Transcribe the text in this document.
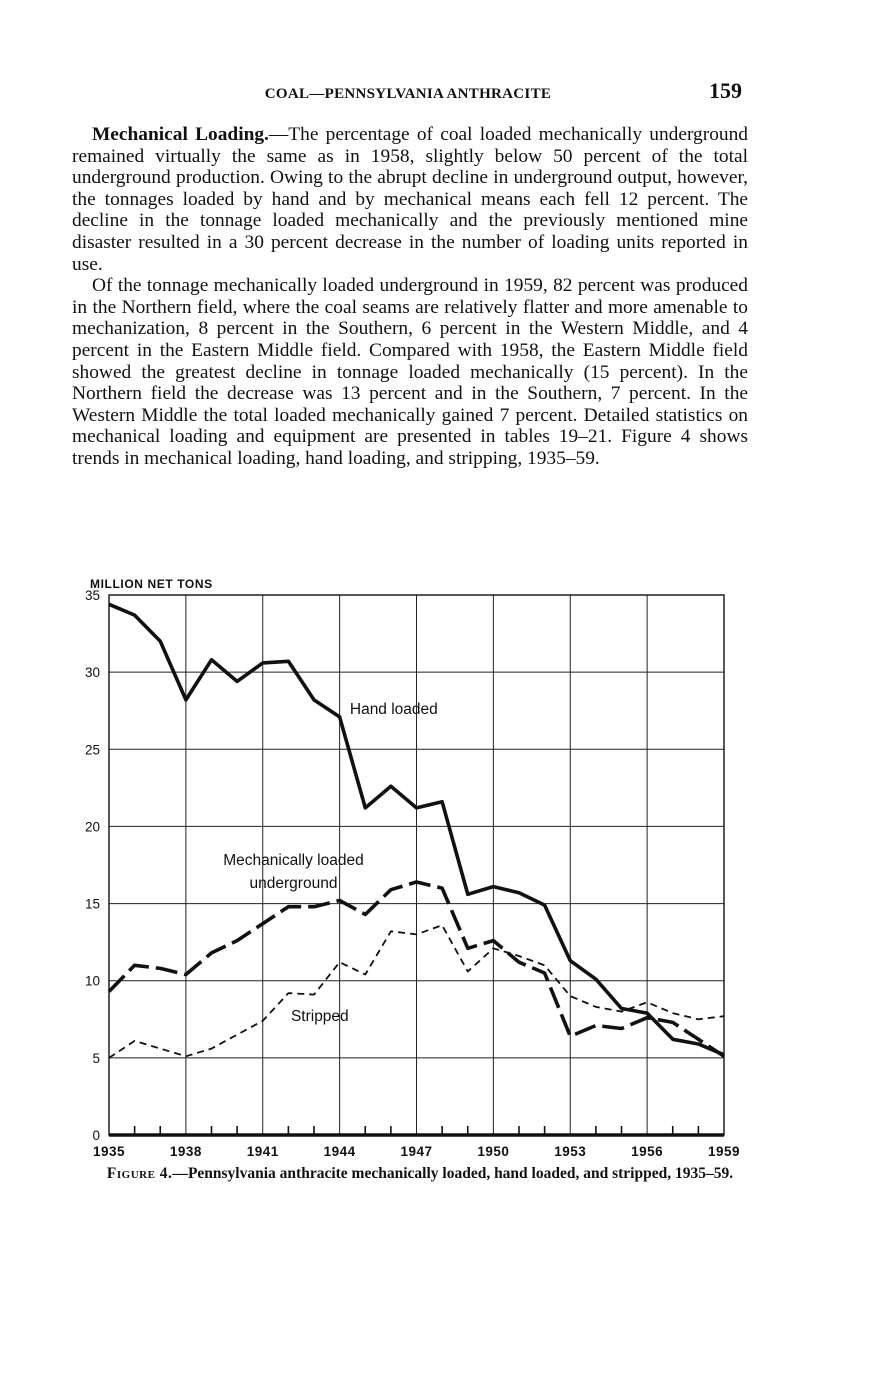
COAL—PENNSYLVANIA ANTHRACITE	159

Mechanical Loading.—The percentage of coal loaded mechanically underground remained virtually the same as in 1958, slightly below 50 percent of the total underground production. Owing to the abrupt decline in underground output, however, the tonnages loaded by hand and by mechanical means each fell 12 percent. The decline in the tonnage loaded mechanically and the previously mentioned mine disaster resulted in a 30 percent decrease in the number of loading units reported in use.

Of the tonnage mechanically loaded underground in 1959, 82 percent was produced in the Northern field, where the coal seams are relatively flatter and more amenable to mechanization, 8 percent in the Southern, 6 percent in the Western Middle, and 4 percent in the Eastern Middle field. Compared with 1958, the Eastern Middle field showed the greatest decline in tonnage loaded mechanically (15 percent). In the Northern field the decrease was 13 percent and in the Southern, 7 percent. In the Western Middle the total loaded mechanically gained 7 percent. Detailed statistics on mechanical loading and equipment are presented in tables 19–21. Figure 4 shows trends in mechanical loading, hand loading, and stripping, 1935–59.

MILLION NET TONS
0
5
10
15
20
25
30
35
1935	1938	1941	1944	1947	1950	1953	1956	1959
Hand loaded
Mechanically loaded
underground
Stripped
Figure 4.—Pennsylvania anthracite mechanically loaded, hand loaded, and stripped, 1935–59.
